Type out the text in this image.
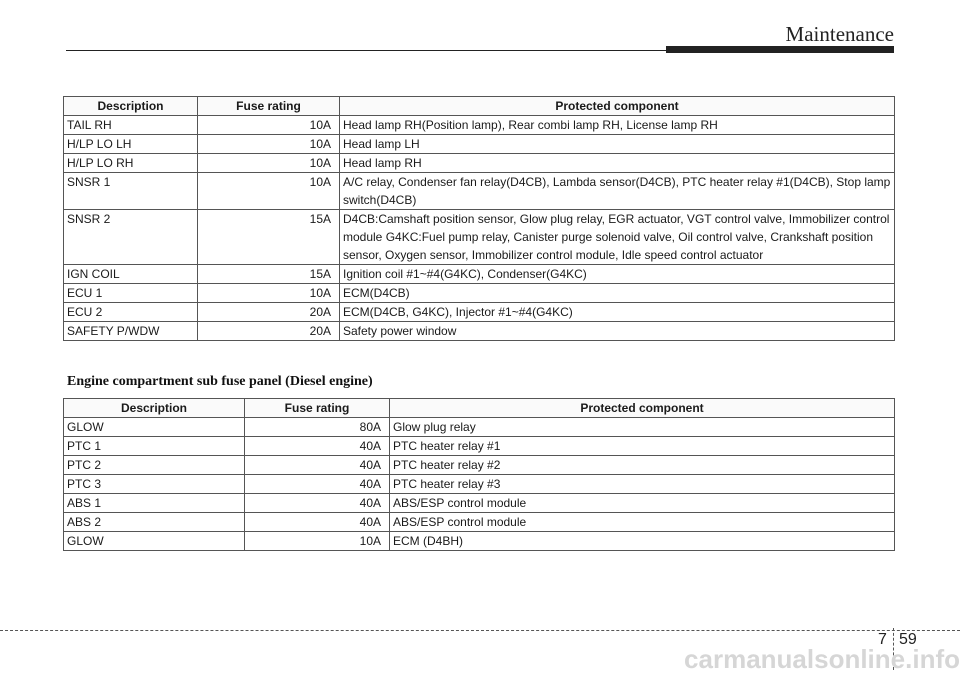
Maintenance
Description	Fuse rating	Protected component
TAIL RH	10A	Head lamp RH(Position lamp), Rear combi lamp RH, License lamp RH
H/LP LO LH	10A	Head lamp LH
H/LP LO RH	10A	Head lamp RH
SNSR 1	10A	A/C relay, Condenser fan relay(D4CB), Lambda sensor(D4CB), PTC heater relay #1(D4CB), Stop lamp switch(D4CB)
SNSR 2	15A	D4CB:Camshaft position sensor, Glow plug relay, EGR actuator, VGT control valve, Immobilizer control module G4KC:Fuel pump relay, Canister purge solenoid valve, Oil control valve, Crankshaft position sensor, Oxygen sensor, Immobilizer control module, Idle speed control actuator
IGN COIL	15A	Ignition coil #1~#4(G4KC), Condenser(G4KC)
ECU 1	10A	ECM(D4CB)
ECU 2	20A	ECM(D4CB, G4KC), Injector #1~#4(G4KC)
SAFETY P/WDW	20A	Safety power window
Engine compartment sub fuse panel (Diesel engine)
Description	Fuse rating	Protected component
GLOW	80A	Glow plug relay
PTC 1	40A	PTC heater relay #1
PTC 2	40A	PTC heater relay #2
PTC 3	40A	PTC heater relay #3
ABS 1	40A	ABS/ESP control module
ABS 2	40A	ABS/ESP control module
GLOW	10A	ECM (D4BH)
7 59
carmanualsonline.info
